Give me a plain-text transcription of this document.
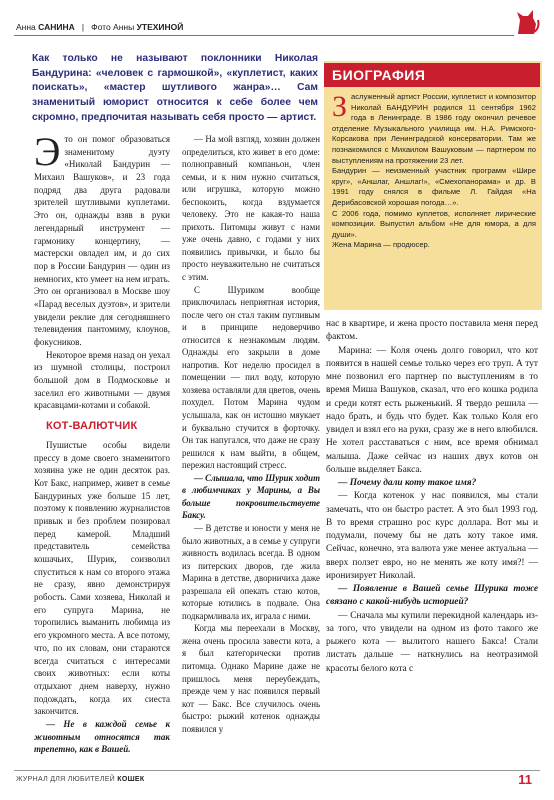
Анна САНИНА   |   Фото Анны УТЕХИНОЙ
Как только не называют поклонники Николая Бандурина: «человек с гармошкой», «куплетист, каких поискать», «мастер шутливого жанра»… Сам знаменитый юморист относится к себе более чем скромно, предпочитая называть себя просто — артист.
БИОГРАФИЯ

Заслуженный артист России, куплетист и композитор Николай БАНДУРИН родился 11 сентября 1962 года в Ленинграде. В 1986 году окончил речевое отделение Музыкального училища им. Н.А. Римского-Корсакова при Ленинградской консерватории. Там же познакомился с Михаилом Вашуковым — партнером по выступлениям на протяжении 23 лет.

Бандурин — неизменный участник программ «Шире круг», «Аншлаг, Аншлаг!», «Смехопанорама» и др. В 1991 году снялся в фильме Л. Гайдая «На Дерибасовской хорошая погода…».

С 2006 года, помимо куплетов, исполняет лирические композиции. Выпустил альбом «Не для юмора, а для души».

Жена Марина — продюсер.

Это он помог образоваться знаменитому дуэту «Николай Бандурин — Михаил Вашуков», и 23 года подряд два друга радовали зрителей шутливыми куплетами. Это он, однажды взяв в руки легендарный инструмент — гармонику концертину, — мастерски овладел им, и до сих пор в России Бандурин — один из немногих, кто умеет на нем играть. Это он организовал в Москве шоу «Парад веселых дуэтов», и зрители увидели реклие для сегодняшнего телевидения пантомиму, клоунов, фокусников.

Некоторое время назад он уехал из шумной столицы, построил большой дом в Подмосковье и заселил его животными — двумя красавцами-котами и собакой.

КОТ-ВАЛЮТЧИК

Пушистые особы видели прессу в доме своего знаменитого хозяина уже не один десяток раз. Кот Бакс, например, живет в семье Бандуриных уже больше 15 лет, поэтому к появлению журналистов привык и без проблем позировал перед камерой. Младший представитель семейства кошачьих, Шурик, соизволил спуститься к нам со второго этажа не сразу, явно демонстрируя робость. Сами хозяева, Николай и его супруга Марина, не торопились выманить любимца из его укромного места. А все потому, что, по их словам, они стараются всегда считаться с интересами своих животных: если коты отдыхают днем наверху, нужно подождать, когда их сиеста закончится.

— Не в каждой семье к животным относятся так трепетно, как в Вашей.

— На мой взгляд, хозяин должен определиться, кто живет в его доме: полноправный компаньон, член семьи, и к ним нужно считаться, или игрушка, которую можно беспокоить, когда вздумается человеку. Это не какая-то наша прихоть. Питомцы живут с нами уже очень давно, с годами у них появились привычки, и было бы просто неуважительно не считаться с этим.

С Шуриком вообще приключилась неприятная история, после чего он стал таким пугливым и в принципе недоверчиво относится к незнакомым людям. Однажды его закрыли в доме напротив. Кот неделю просидел в помещении — пил воду, которую хозяева оставляли для цветов, очень похудел. Потом Марина чудом услышала, как он истошно мяукает и буквально стучится в форточку. Он так напугался, что даже не сразу решился к нам выйти, в общем, пережил настоящий стресс.

— Слышала, что Шурик ходит в любимчиках у Марины, а Вы больше покровительствуете Баксу.

— В детстве и юности у меня не было животных, а в семье у супруги живность водилась всегда. В одном из питерских дворов, где жила Марина в детстве, дворничиха даже разрешала ей опекать стаю котов, которые ютились в подвале. Она подкармливала их, играла с ними.

Когда мы переехали в Москву, жена очень просила завести кота, а я был категорически против питомца. Однако Марине даже не пришлось меня переубеждать, прежде чем у нас появился первый кот — Бакс. Все случилось очень быстро: рыжий котенок однажды появился у

нас в квартире, и жена просто поставила меня перед фактом.

Марина: — Коля очень долго говорил, что кот появится в нашей семье только через его труп. А тут мне позвонил его партнер по выступлениям в то время Миша Вашуков, сказал, что его кошка родила и среди котят есть рыженький. Я твердо решила — надо брать, и будь что будет. Как только Коля его увидел и взял его на руки, сразу же в него влюбился. Не хотел расставаться с ним, все время обнимал малыша. Даже сейчас из наших двух котов он больше выделяет Бакса.

— Почему дали коту такое имя?

— Когда котенок у нас появился, мы стали замечать, что он быстро растет. А это был 1993 год. В то время страшно рос курс доллара. Вот мы и подумали, почему бы не дать коту такое имя. Сейчас, конечно, эта валюта уже менее актуальна — вверх ползет евро, но не менять же коту имя?! — иронизирует Николай.

— Появление в Вашей семье Шурика тоже связано с какой-нибудь историей?

— Сначала мы купили перекидной календарь из-за того, что увидели на одном из фото такого же рыжего кота — вылитого нашего Бакса! Стали листать дальше — наткнулись на неотразимой красоты белого кота с

ЖУРНАЛ ДЛЯ ЛЮБИТЕЛЕЙ КОШЕК	11
